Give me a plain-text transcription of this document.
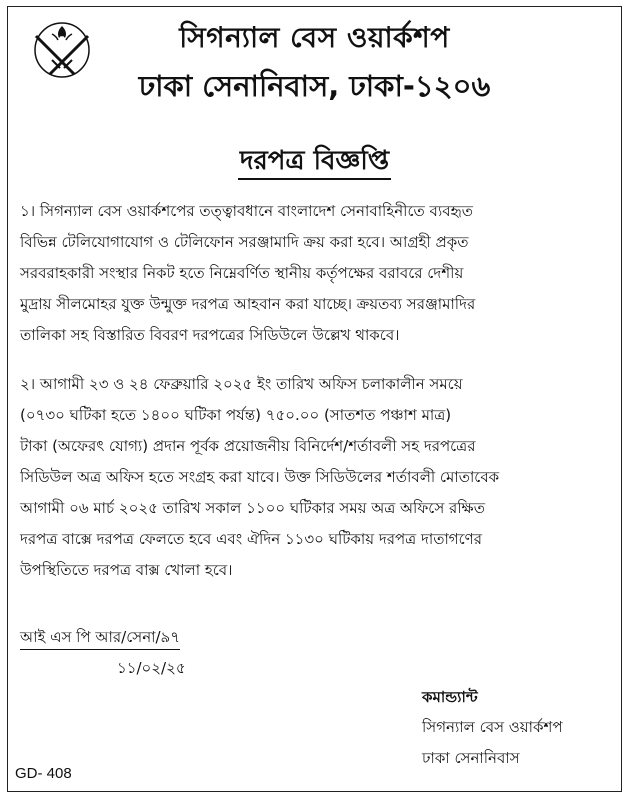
সিগন্যাল বেস ওয়ার্কশপ
ঢাকা সেনানিবাস, ঢাকা-১২০৬
দরপত্র বিজ্ঞপ্তি
১। সিগন্যাল বেস ওয়ার্কশপের তত্ত্বাবধানে বাংলাদেশ সেনাবাহিনীতে ব্যবহৃত
বিভিন্ন টেলিযোগাযোগ ও টেলিফোন সরঞ্জামাদি ক্রয় করা হবে। আগ্রহী প্রকৃত
সরবরাহকারী সংস্থার নিকট হতে নিম্নেবর্ণিত স্থানীয় কর্তৃপক্ষের বরাবরে দেশীয়
মুদ্রায় সীলমোহর যুক্ত উন্মুক্ত দরপত্র আহবান করা যাচ্ছে। ক্রয়তব্য সরঞ্জামাদির
তালিকা সহ বিস্তারিত বিবরণ দরপত্রের সিডিউলে উল্লেখ থাকবে।
২। আগামী ২৩ ও ২৪ ফেব্রুয়ারি ২০২৫ ইং তারিখ অফিস চলাকালীন সময়ে
(০৭৩০ ঘটিকা হতে ১৪০০ ঘটিকা পর্যন্ত) ৭৫০.০০ (সাতশত পঞ্চাশ মাত্র)
টাকা (অফেরৎ যোগ্য) প্রদান পূর্বক প্রয়োজনীয় বিনির্দেশ/শর্তাবলী সহ দরপত্রের
সিডিউল অত্র অফিস হতে সংগ্রহ করা যাবে। উক্ত সিডিউলের শর্তাবলী মোতাবেক
আগামী ০৬ মার্চ ২০২৫ তারিখ সকাল ১১০০ ঘটিকার সময় অত্র অফিসে রক্ষিত
দরপত্র বাক্সে দরপত্র ফেলতে হবে এবং ঐদিন ১১৩০ ঘটিকায় দরপত্র দাতাগণের
উপস্থিতিতে দরপত্র বাক্স খোলা হবে।
আই এস পি আর/সেনা/৯৭
১১/০২/২৫
কমান্ড্যান্ট
সিগন্যাল বেস ওয়ার্কশপ
ঢাকা সেনানিবাস
GD- 408
